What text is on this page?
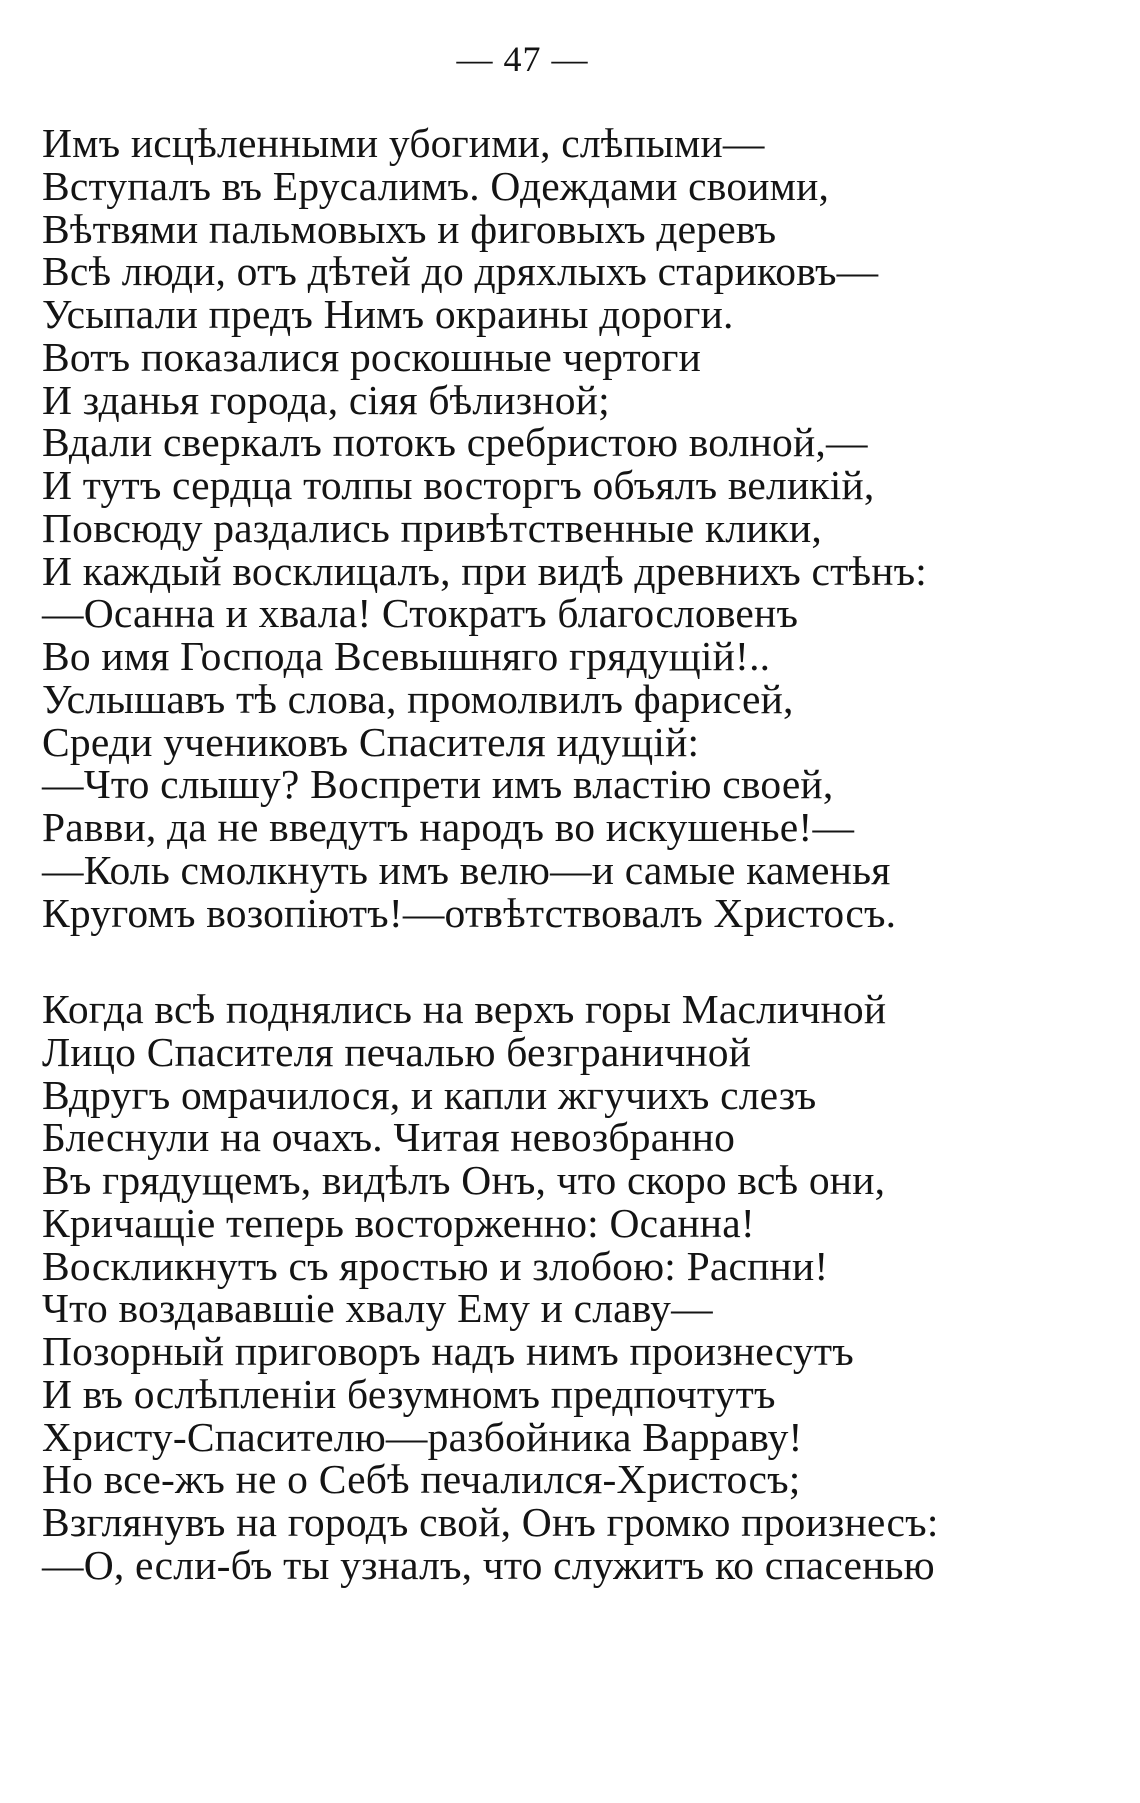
— 47 —
Имъ исцѣленными убогими, слѣпыми—
Вступалъ въ Ерусалимъ. Одеждами своими,
Вѣтвями пальмовыхъ и фиговыхъ деревъ
Всѣ люди, отъ дѣтей до дряхлыхъ стариковъ—
Усыпали предъ Нимъ окраины дороги.
Вотъ показалися роскошные чертоги
И зданья города, сіяя бѣлизной;
Вдали сверкалъ потокъ сребристою волной,—
И тутъ сердца толпы восторгъ объялъ великій,
Повсюду раздались привѣтственные клики,
И каждый восклицалъ, при видѣ древнихъ стѣнъ:
—Осанна и хвала! Стократъ благословенъ
Во имя Господа Всевышняго грядущій!..
Услышавъ тѣ слова, промолвилъ фарисей,
Среди учениковъ Спасителя идущій:
—Что слышу? Воспрети имъ властію своей,
Равви, да не введутъ народъ во искушенье!—
—Коль смолкнуть имъ велю—и самые каменья
Кругомъ возопіютъ!—отвѣтствовалъ Христосъ.
Когда всѣ поднялись на верхъ горы Масличной
Лицо Спасителя печалью безграничной
Вдругъ омрачилося, и капли жгучихъ слезъ
Блеснули на очахъ. Читая невозбранно
Въ грядущемъ, видѣлъ Онъ, что скоро всѣ они,
Кричащіе теперь восторженно: Осанна!
Воскликнутъ съ яростью и злобою: Распни!
Что воздававшіе хвалу Ему и славу—
Позорный приговоръ надъ нимъ произнесутъ
И въ ослѣпленіи безумномъ предпочтутъ
Христу-Спасителю—разбойника Варраву!
Но все-жъ не о Себѣ печалился-Христосъ;
Взглянувъ на городъ свой, Онъ громко произнесъ:
—О, если-бъ ты узналъ, что служитъ ко спасенью
